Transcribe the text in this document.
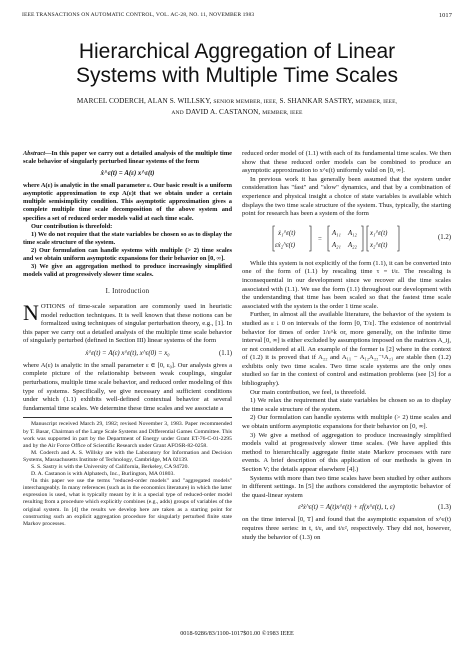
IEEE TRANSACTIONS ON AUTOMATIC CONTROL, VOL. AC-28, NO. 11, NOVEMBER 1983	1017
Hierarchical Aggregation of Linear
Systems with Multiple Time Scales
MARCEL CODERCH, ALAN S. WILLSKY, SENIOR MEMBER, IEEE, S. SHANKAR SASTRY, MEMBER, IEEE,
AND DAVID A. CASTANON, MEMBER, IEEE

Abstract—In this paper we carry out a detailed analysis of the multiple time scale behavior of singularly perturbed linear systems of the form

ẋ^ε(t) = A(ε) x^ε(t)

where A(ε) is analytic in the small parameter ε. Our basic result is a uniform asymptotic approximation to exp A(ε)t that we obtain under a certain multiple semisimplicity condition. This asymptotic approximation gives a complete multiple time scale decomposition of the above system and specifies a set of reduced order models valid at each time scale.

Our contribution is threefold:

1) We do not require that the state variables be chosen so as to display the time scale structure of the system.

2) Our formulation can handle systems with multiple (> 2) time scales and we obtain uniform asymptotic expansions for their behavior on [0, ∞].

3) We give an aggregation method to produce increasingly simplified models valid at progressively slower time scales.

I. Introduction

NOTIONS of time-scale separation are commonly used in heuristic model reduction techniques. It is well known that these notions can be formalized using techniques of singular perturbation theory, e.g., [1]. In this paper we carry out a detailed analysis of the multiple time scale behavior of singularly perturbed (defined in Section III) linear systems of the form

ẋ^ε(t) = A(ε) x^ε(t), x^ε(0) = x₀	(1.1)

where A(ε) is analytic in the small parameter ε ∈ [0, ε₀]. Our analysis gives a complete picture of the relationship between weak couplings, singular perturbations, multiple time scale behavior, and reduced order modeling of this type of systems. Specifically, we give necessary and sufficient conditions under which (1.1) exhibits well-defined contextual behavior at several fundamental time scales. We determine these time scales and we associate a

Manuscript received March 29, 1982; revised November 3, 1983. Paper recommended by T. Basar, Chairman of the Large Scale Systems and Differential Games Committee. This work was supported in part by the Department of Energy under Grant ET-76-C-01-2295 and by the Air Force Office of Scientific Research under Grant AFOSR-82-0258.

M. Coderch and A. S. Willsky are with the Laboratory for Information and Decision Systems, Massachusetts Institute of Technology, Cambridge, MA 02139.

S. S. Sastry is with the University of California, Berkeley, CA 94720.

D. A. Castanon is with Alphatech, Inc., Burlington, MA 01803.

¹In this paper we use the terms "reduced-order models" and "aggregated models" interchangeably. In many references (such as in the economics literature) in which the latter expression is used, what is typically meant by it is a special type of reduced-order model resulting from a procedure which explicitly combines (e.g., adds) groups of variables of the original system. In [4] the results we develop here are taken as a starting point for constructing such an explicit aggregation procedure for singularly perturbed finite state Markov processes.

reduced order model of (1.1) with each of its fundamental time scales. We then show that these reduced order models can be combined to produce an asymptotic approximation to x^ε(t) uniformly valid on [0, ∞].

In previous work it has generally been assumed that the system under consideration has "fast" and "slow" dynamics, and that by a combination of experience and physical insight a choice of state variables is available which displays the two time scale structure of the system. Thus, typically, the starting point for research has been a system of the form

ẋ₁^ε(t)
εẋ₂^ε(t)
=
A₁₁ A₁₂
A₂₁ A₂₂
x₁^ε(t)
x₂^ε(t)
(1.2)

While this system is not explicitly of the form (1.1), it can be converted into one of the form of (1.1) by rescaling time τ = t/ε. The rescaling is inconsequential in our development since we recover all the time scales associated with (1.1). We use the form (1.1) throughout our development with the understanding that time has been scaled so that the fastest time scale associated with the system is the order 1 time scale.

Further, in almost all the available literature, the behavior of the system is studied as ε ↓ 0 on intervals of the form [0, T/ε]. The existence of nontrivial behavior for times of order 1/ε^k or, more generally, on the infinite time interval [0, ∞] is either excluded by assumptions imposed on the matrices A_ij, or not considered at all. An example of the former is [2] where in the context of (1.2) it is proved that if A₂₂ and A₁₁ − A₁₂A₂₂⁻¹A₂₁ are stable then (1.2) exhibits only two time scales. Two time scale systems are the only ones studied so far in the context of control and estimation problems (see [3] for a bibliography).

Our main contribution, we feel, is threefold.

1) We relax the requirement that state variables be chosen so as to display the time scale structure of the system.

2) Our formulation can handle systems with multiple (> 2) time scales and we obtain uniform asymptotic expansions for their behavior on [0, ∞].

3) We give a method of aggregation to produce increasingly simplified models valid at progressively slower time scales. (We have applied this method to hierarchically aggregate finite state Markov processes with rare events. A brief description of this application of our methods is given in Section V; the details appear elsewhere [4].)

Systems with more than two time scales have been studied by other authors in different settings. In [5] the authors considered the asymptotic behavior of the quasi-linear system

ε²ẋ^ε(t) = A(t)x^ε(t) + εf(x^ε(t), t, ε)	(1.3)

on the time interval [0, T] and found that the asymptotic expansion of x^ε(t) requires three series: in t, t/ε, and t/ε², respectively. They did not, however, study the behavior of (1.3) on

0018-9286/83/1100-1017$01.00 ©1983 IEEE
